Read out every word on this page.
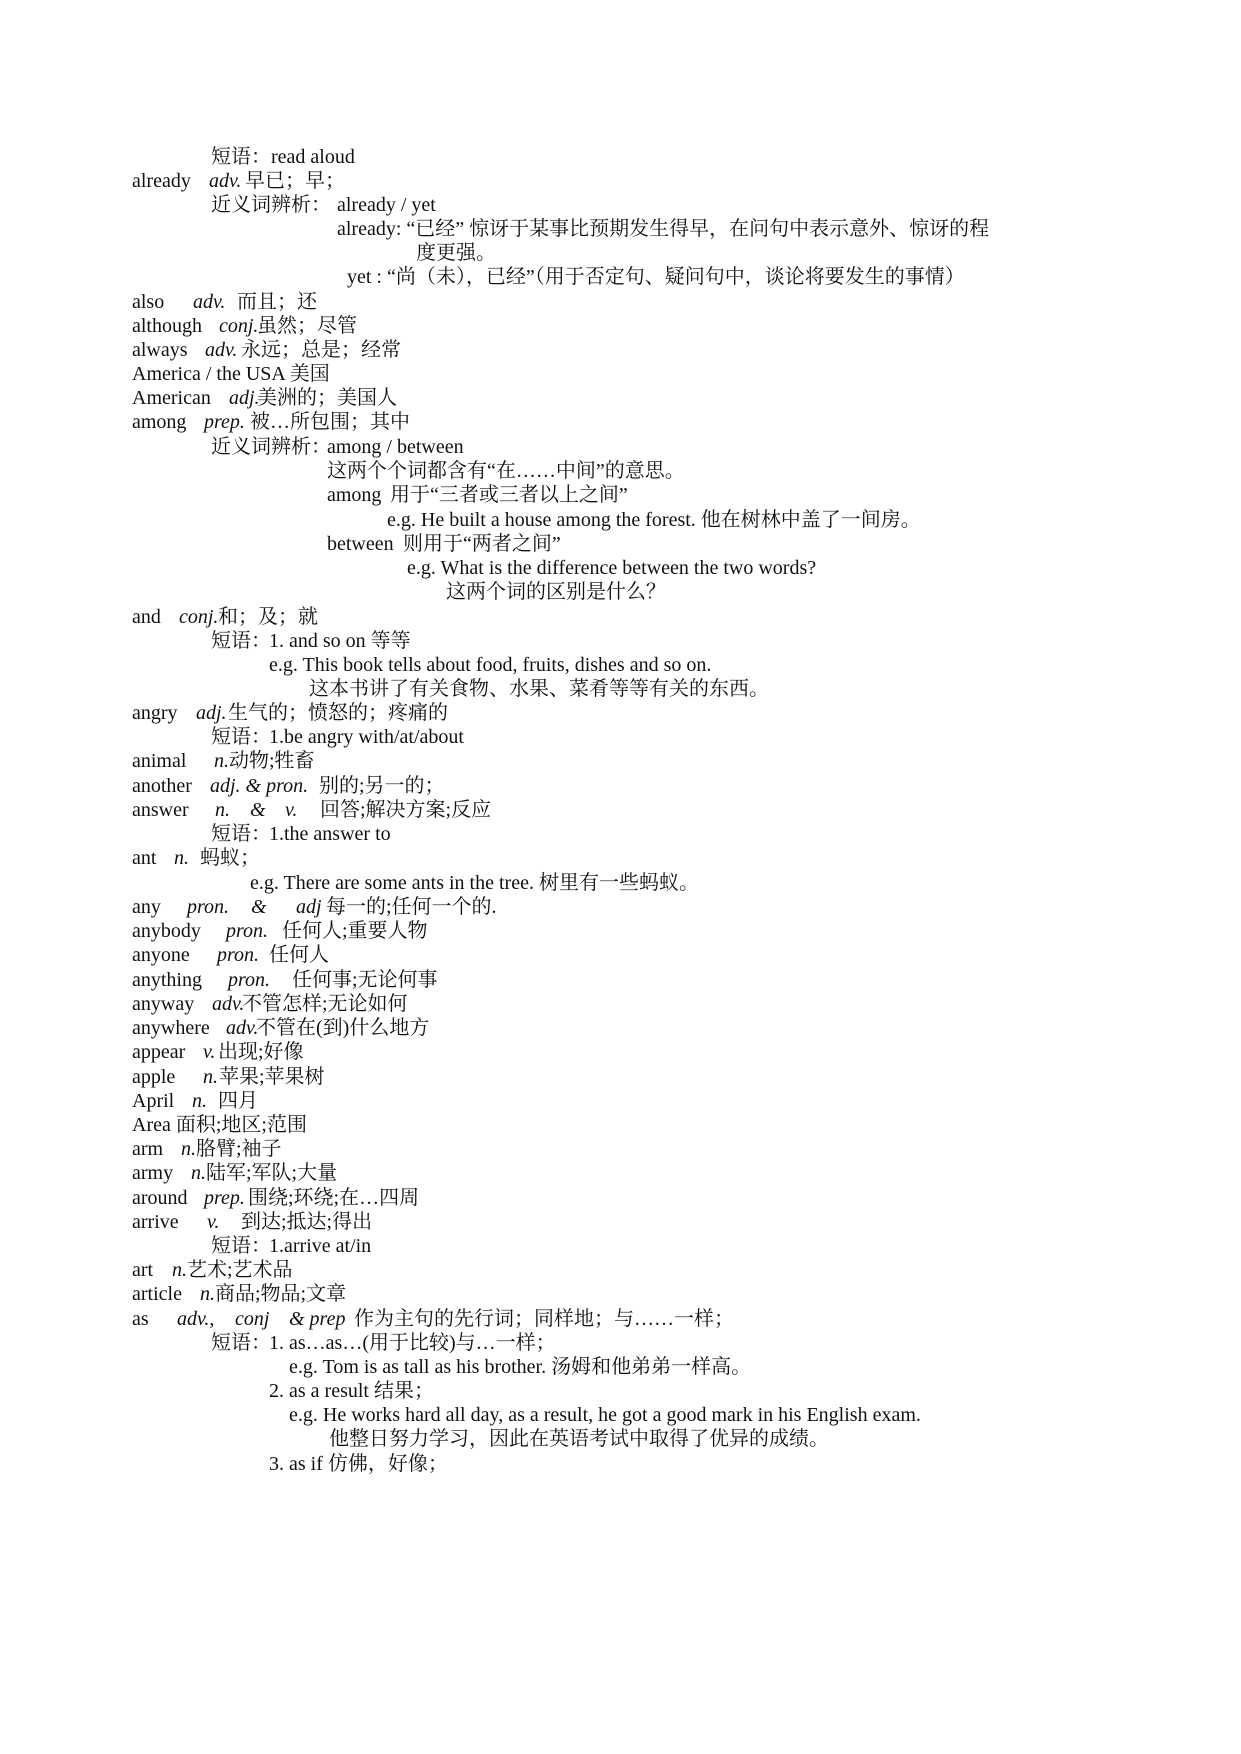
短语：read aloud
already adv. 早已；早；
近义词辨析： already / yet
already: “已经” 惊讶于某事比预期发生得早，在问句中表示意外、惊讶的程
度更强。
yet : “尚（未），已经”（用于否定句、疑问句中，谈论将要发生的事情）
also adv. 而且；还
although conj.
虽然；尽管
always adv. 永远；总是；经常
America / the USA 美国
American adj.
美洲的；美国人
among prep. 被…所包围；其中
近义词辨析：
among / between
这两个个词都含有“在……中间”的意思。
among 用于“三者或三者以上之间”
e.g. He built a house among the forest. 他在树林中盖了一间房。
between 则用于“两者之间”
e.g. What is the difference between the two words?
这两个词的区别是什么？
and conj. 和；及；就
短语：
1. and so on 等等
e.g. This book tells about food, fruits, dishes and so on.
这本书讲了有关食物、水果、菜肴等等有关的东西。
angry adj. 生气的；愤怒的；疼痛的
短语：
1.be angry with/at/about
animal n. 动物;牲畜
another adj. & pron. 别的;另一的；
answer n. & v. 回答;解决方案;反应
短语：
1.the answer to
ant n. 蚂蚁；
e.g. There are some ants in the tree. 树里有一些蚂蚁。
any pron. & adj 每一的;任何一个的.
anybody pron. 任何人;重要人物
anyone pron. 任何人
anything pron. 任何事;无论何事
anyway adv.
不管怎样;无论如何
anywhere adv.
不管在(到)什么地方
appear v. 出现;好像
apple n. 苹果;苹果树
April n. 四月
Area 面积;地区;范围
arm n. 胳臂;袖子
army n. 陆军;军队;大量
around prep. 围绕;环绕;在…四周
arrive v. 到达;抵达;得出
短语：
1.arrive at/in
art n. 艺术;艺术品
article n. 商品;物品;文章
as adv., conj & prep 作为主句的先行词；同样地；与……一样；
短语：
1. as…as…(用于比较)与…一样；
e.g. Tom is as tall as his brother. 汤姆和他弟弟一样高。
2. as a result 结果；
e.g. He works hard all day, as a result, he got a good mark in his English exam.
他整日努力学习，因此在英语考试中取得了优异的成绩。
3. as if 仿佛，好像；
